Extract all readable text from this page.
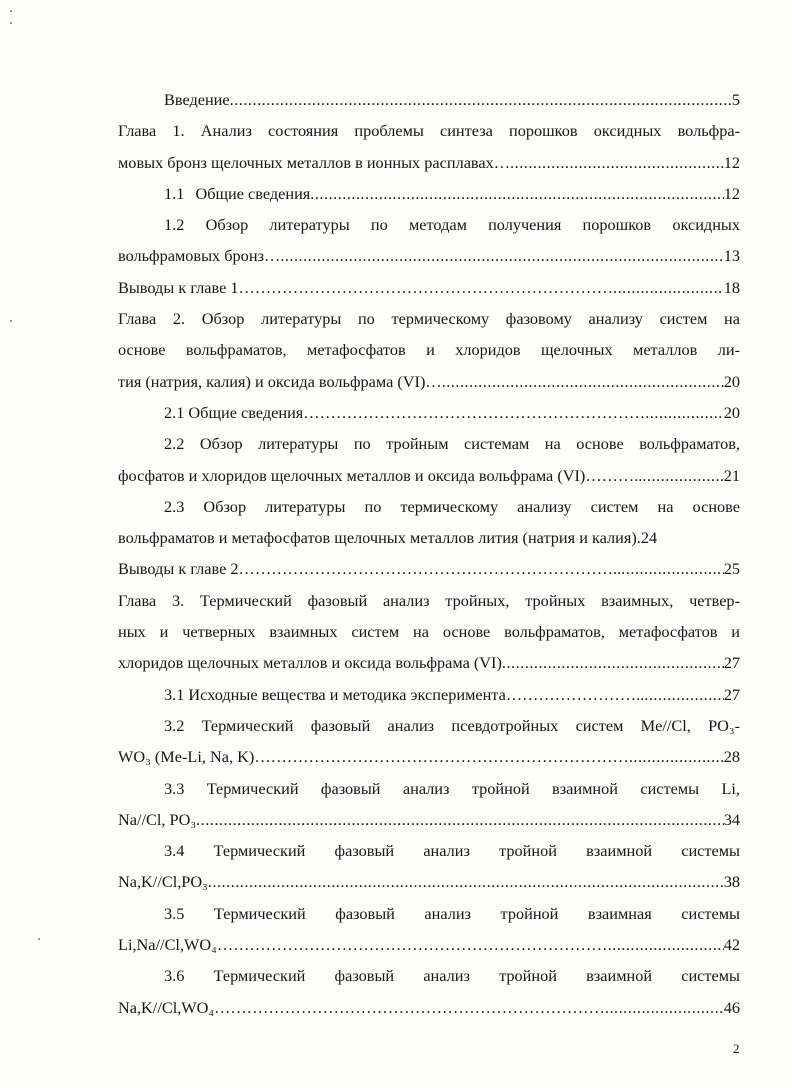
Введение .....	5

Глава 1. Анализ состояния проблемы синтеза порошков оксидных вольфра-

мовых бронз щелочных металлов в ионных расплавах… .....	12
1.1 Общие сведения .....	12

1.2 Обзор литературы по методам получения порошков оксидных

вольфрамовых бронз… .....	13
Выводы к главе 1…………………………………………………………… .....	18

Глава 2. Обзор литературы по термическому фазовому анализу систем на

основе вольфраматов, метафосфатов и хлоридов щелочных металлов ли-

тия (натрия, калия) и оксида вольфрама (VI)… .....	20
2.1 Общие сведения……………………………………………………… .....	20

2.2 Обзор литературы по тройным системам на основе вольфраматов,

фосфатов и хлоридов щелочных металлов и оксида вольфрама (VI)……….. .....	21

2.3 Обзор литературы по термическому анализу систем на основе

вольфраматов и метафосфатов щелочных металлов лития (натрия и калия). 24
Выводы к главе 2…………………………………………………………….. .....	25

Глава 3. Термический фазовый анализ тройных, тройных взаимных, четвер-

ных и четверных взаимных систем на основе вольфраматов, метафосфатов и

хлоридов щелочных металлов и оксида вольфрама (VI) .....	27
3.1 Исходные вещества и методика эксперимента…………………….. .....	27

3.2 Термический фазовый анализ псевдотройных систем Me//Cl, PO₃-

WO₃ (Me-Li, Na, K)…………………………………………………………… .....	28

3.3 Термический фазовый анализ тройной взаимной системы Li,

Na//Cl, PO₃ .....	34

3.4 Термический фазовый анализ тройной взаимной системы

Na,K//Cl,PO₃ .....	38

3.5 Термический фазовый анализ тройной взаимная системы

Li,Na//Cl,WO₄……………………………………………………………… .....	42

3.6 Термический фазовый анализ тройной взаимной системы

Na,K//Cl,WO₄……………………………………………………………… .....	46
2
